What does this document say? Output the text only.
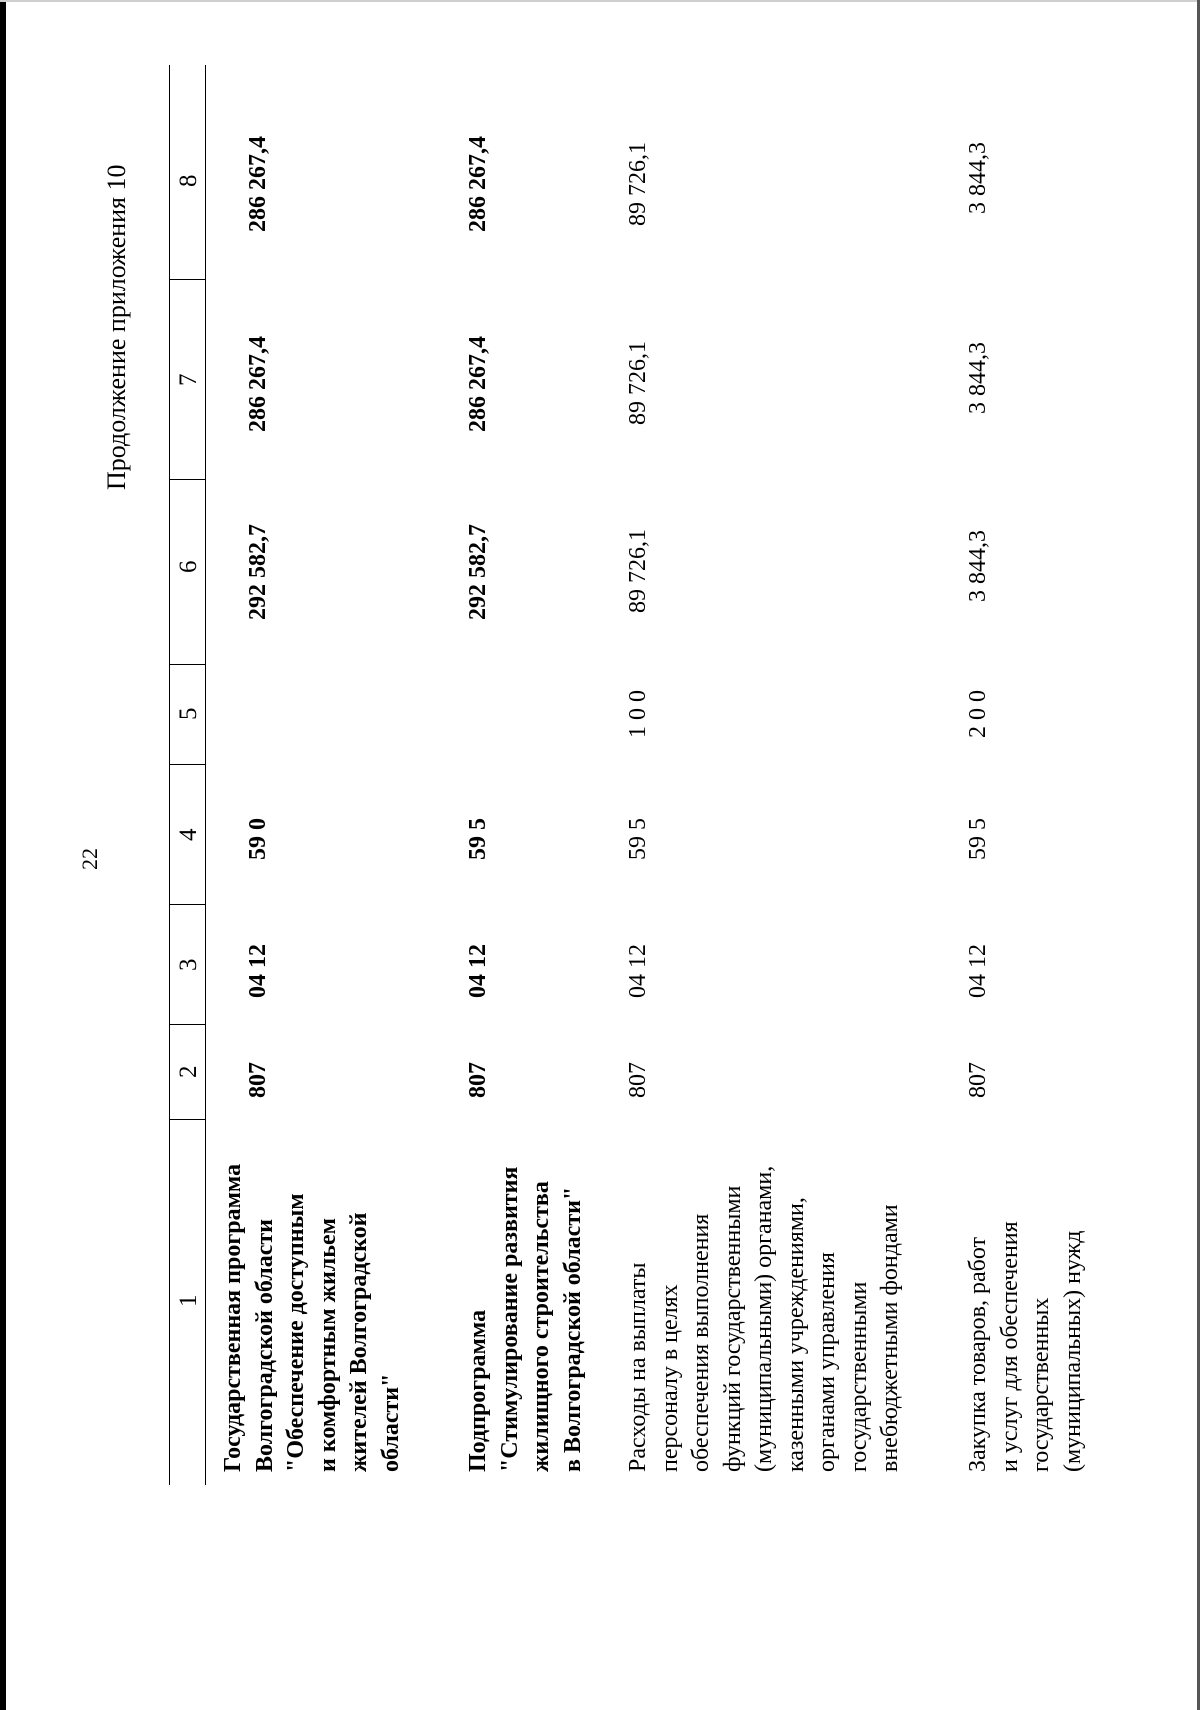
22
Продолжение приложения 10
1
2
3
4
5
6
7
8
Государственная программа Волгоградской области "Обеспечение доступным и комфортным жильем жителей Волгоградской области"
807
04 12
59 0
292 582,7
286 267,4
286 267,4
Подпрограмма "Стимулирование развития жилищного строительства в Волгоградской области"
807
04 12
59 5
292 582,7
286 267,4
286 267,4
Расходы на выплаты персоналу в целях обеспечения выполнения функций государственными (муниципальными) органами, казенными учреждениями, органами управления государственными внебюджетными фондами
807
04 12
59 5
1 0 0
89 726,1
89 726,1
89 726,1
Закупка товаров, работ и услуг для обеспечения государственных (муниципальных) нужд
807
04 12
59 5
2 0 0
3 844,3
3 844,3
3 844,3
